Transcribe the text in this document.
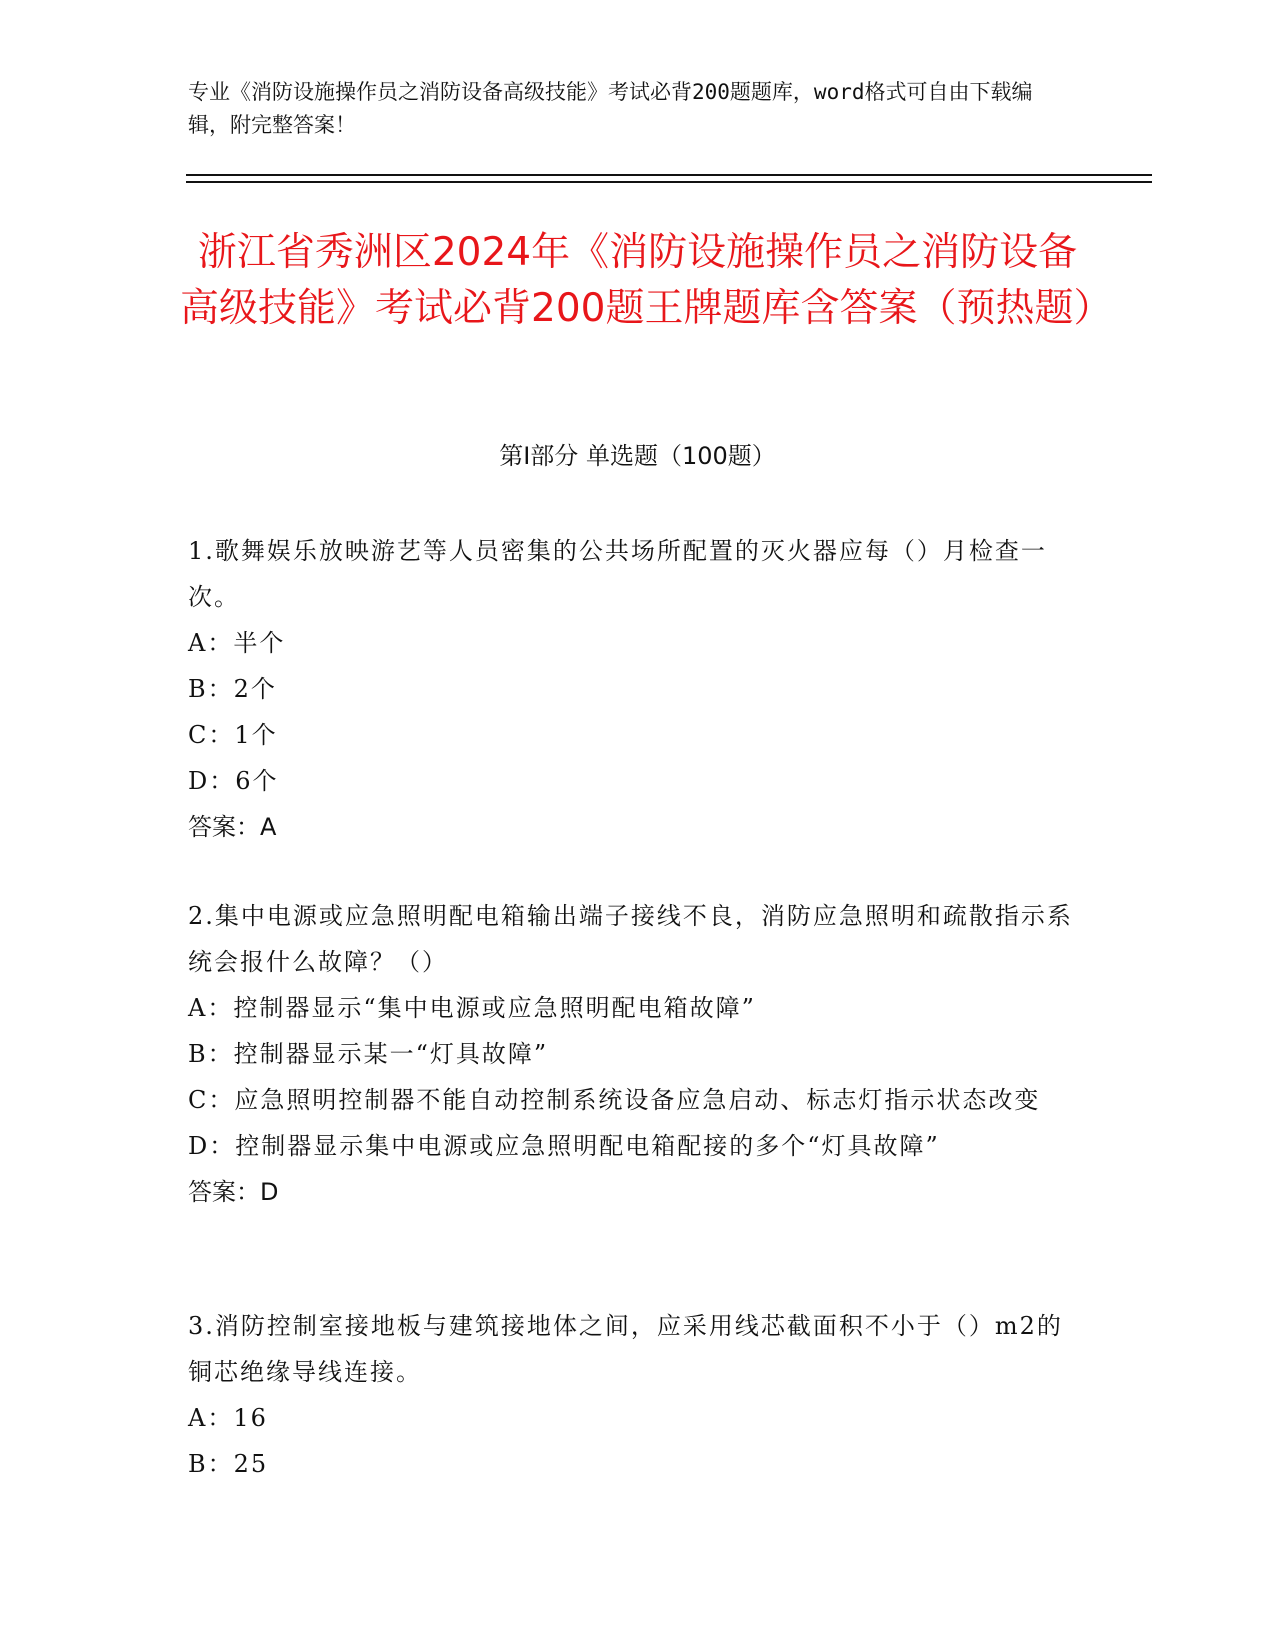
专业《消防设施操作员之消防设备高级技能》考试必背200题题库，word格式可自由下载编辑，附完整答案！
浙江省秀洲区2024年《消防设施操作员之消防设备高级技能》考试必背200题王牌题库含答案（预热题）
第I部分 单选题（100题）
1.歌舞娱乐放映游艺等人员密集的公共场所配置的灭火器应每（）月检查一次。
A：半个
B：2个
C：1个
D：6个
答案：A
2.集中电源或应急照明配电箱输出端子接线不良，消防应急照明和疏散指示系统会报什么故障？（）
A：控制器显示“集中电源或应急照明配电箱故障”
B：控制器显示某一“灯具故障”
C：应急照明控制器不能自动控制系统设备应急启动、标志灯指示状态改变
D：控制器显示集中电源或应急照明配电箱配接的多个“灯具故障”
答案：D
3.消防控制室接地板与建筑接地体之间，应采用线芯截面积不小于（）m2的铜芯绝缘导线连接。
A：16
B：25
